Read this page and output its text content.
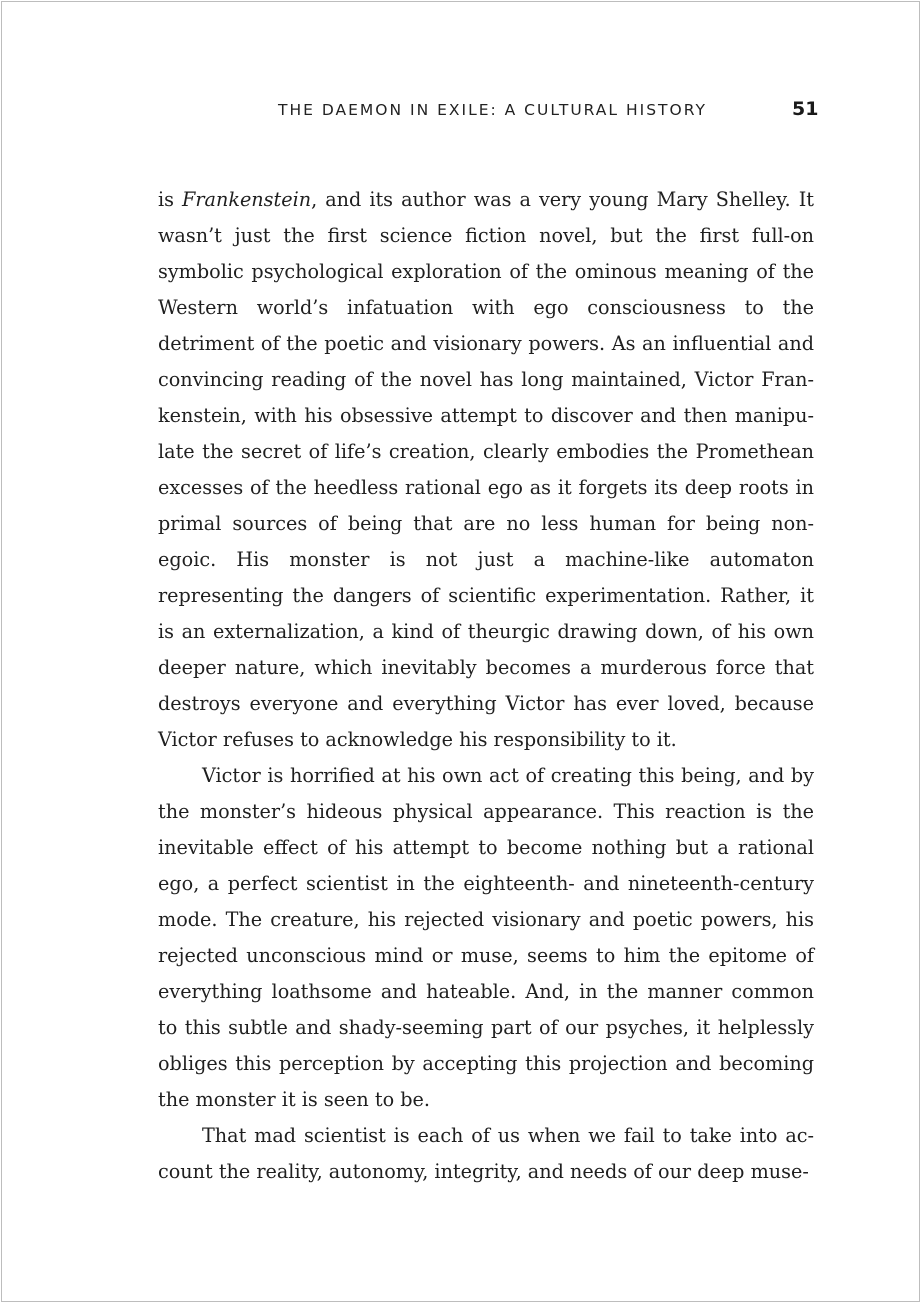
THE DAEMON IN EXILE: A CULTURAL HISTORY	51

is Frankenstein, and its author was a very young Mary Shelley. It wasn’t just the first science fiction novel, but the first full-on symbolic psychological exploration of the ominous meaning of the Western world’s infatuation with ego consciousness to the detriment of the poetic and visionary powers. As an influential and convincing reading of the novel has long maintained, Victor Frankenstein, with his obsessive attempt to discover and then manipulate the secret of life’s creation, clearly embodies the Promethean excesses of the heedless rational ego as it forgets its deep roots in primal sources of being that are no less human for being non-egoic. His monster is not just a machine-like automaton representing the dangers of scientific experimentation. Rather, it is an externalization, a kind of theurgic drawing down, of his own deeper nature, which inevitably becomes a murderous force that destroys everyone and everything Victor has ever loved, because Victor refuses to acknowledge his responsibility to it.

Victor is horrified at his own act of creating this being, and by the monster’s hideous physical appearance. This reaction is the inevitable effect of his attempt to become nothing but a rational ego, a perfect scientist in the eighteenth- and nineteenth-century mode. The creature, his rejected visionary and poetic powers, his rejected unconscious mind or muse, seems to him the epitome of everything loathsome and hateable. And, in the manner common to this subtle and shady-seeming part of our psyches, it helplessly obliges this perception by accepting this projection and becoming the monster it is seen to be.

That mad scientist is each of us when we fail to take into account the reality, autonomy, integrity, and needs of our deep muse-
